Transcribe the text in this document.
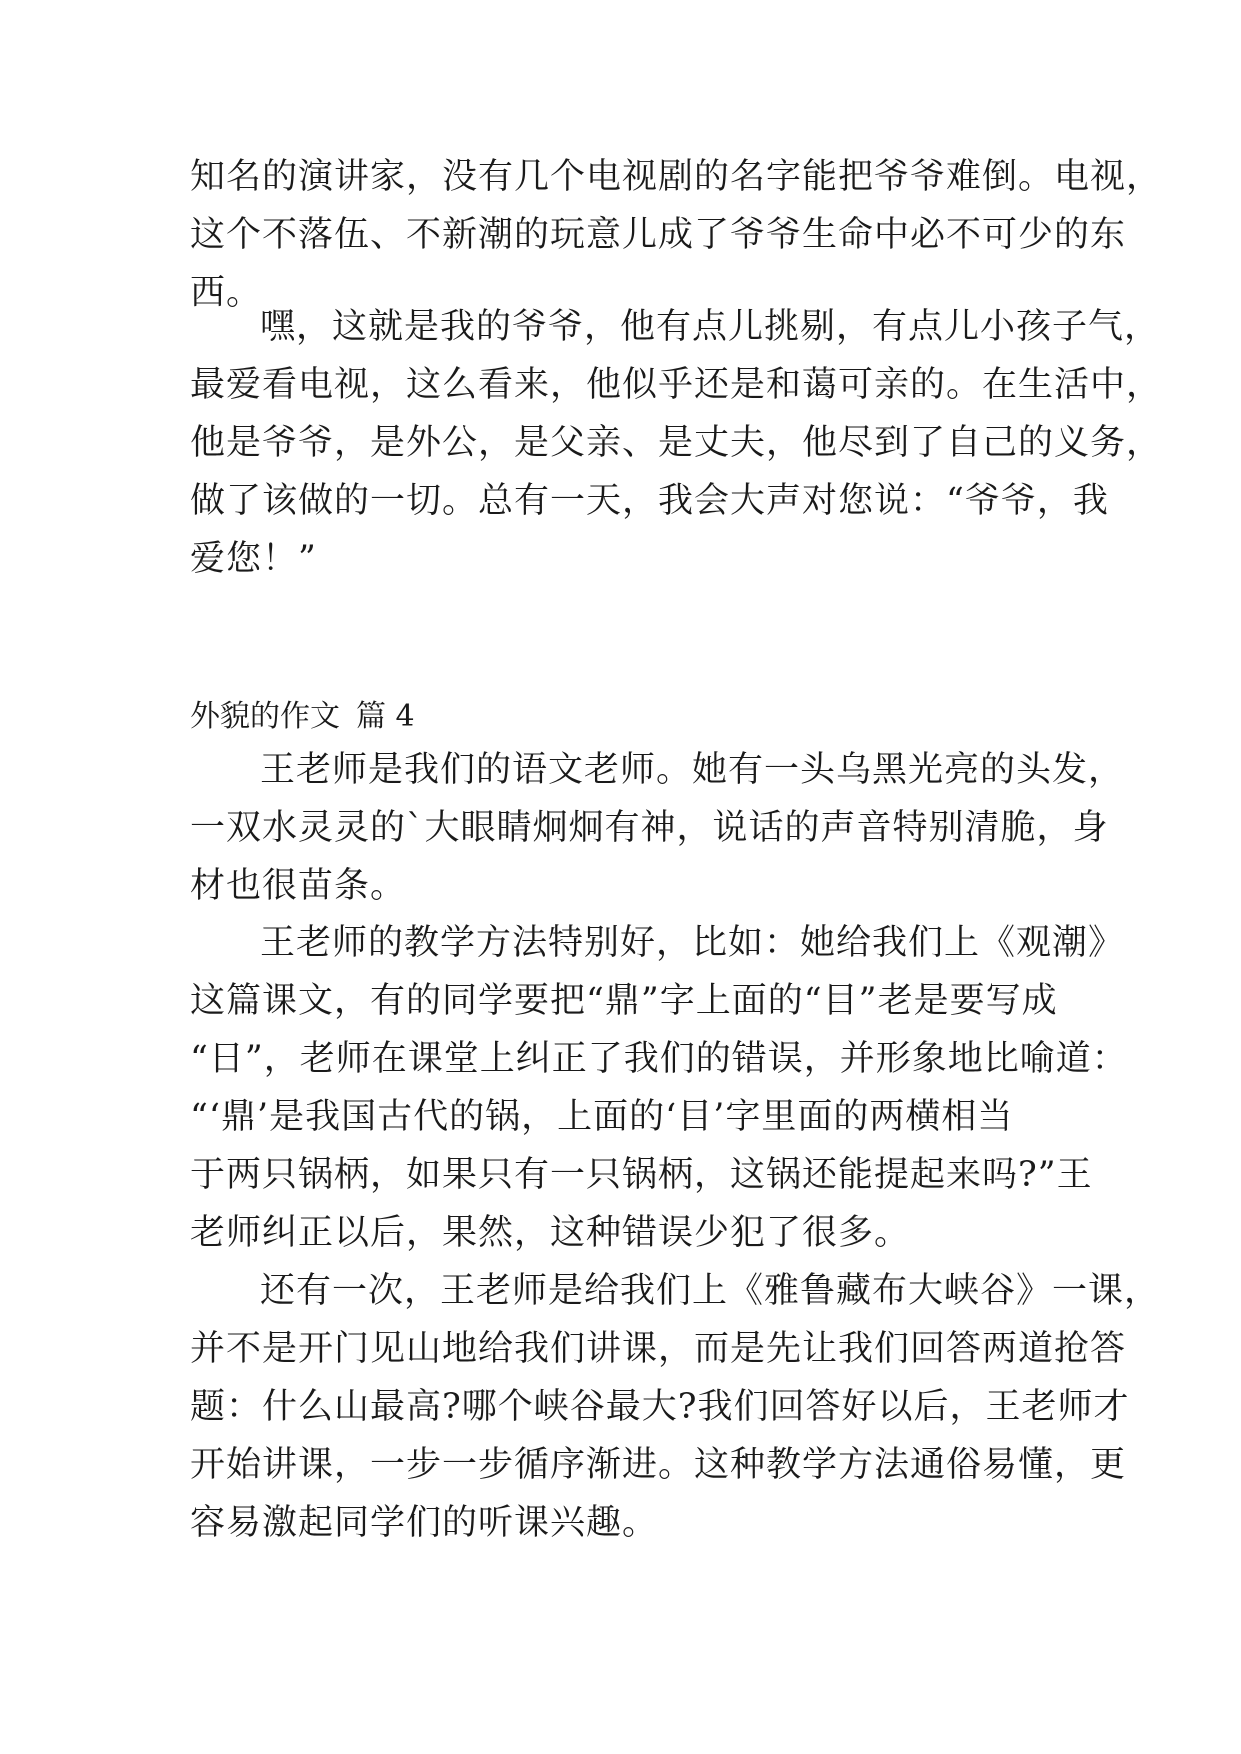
知名的演讲家，没有几个电视剧的名字能把爷爷难倒。电视，
这个不落伍、不新潮的玩意儿成了爷爷生命中必不可少的东
西。
嘿，这就是我的爷爷，他有点儿挑剔，有点儿小孩子气，
最爱看电视，这么看来，他似乎还是和蔼可亲的。在生活中，
他是爷爷，是外公，是父亲、是丈夫，他尽到了自己的义务，
做了该做的一切。总有一天，我会大声对您说：“爷爷，我
爱您！”
外貌的作文 篇 4
王老师是我们的语文老师。她有一头乌黑光亮的头发，
一双水灵灵的`大眼睛炯炯有神，说话的声音特别清脆，身
材也很苗条。
王老师的教学方法特别好，比如：她给我们上《观潮》
这篇课文，有的同学要把“鼎”字上面的“目”老是要写成
“日”，老师在课堂上纠正了我们的错误，并形象地比喻道：
“‘鼎’是我国古代的锅，上面的‘目’字里面的两横相当
于两只锅柄，如果只有一只锅柄，这锅还能提起来吗?”王
老师纠正以后，果然，这种错误少犯了很多。
还有一次，王老师是给我们上《雅鲁藏布大峡谷》一课，
并不是开门见山地给我们讲课，而是先让我们回答两道抢答
题：什么山最高?哪个峡谷最大?我们回答好以后，王老师才
开始讲课，一步一步循序渐进。这种教学方法通俗易懂，更
容易激起同学们的听课兴趣。
